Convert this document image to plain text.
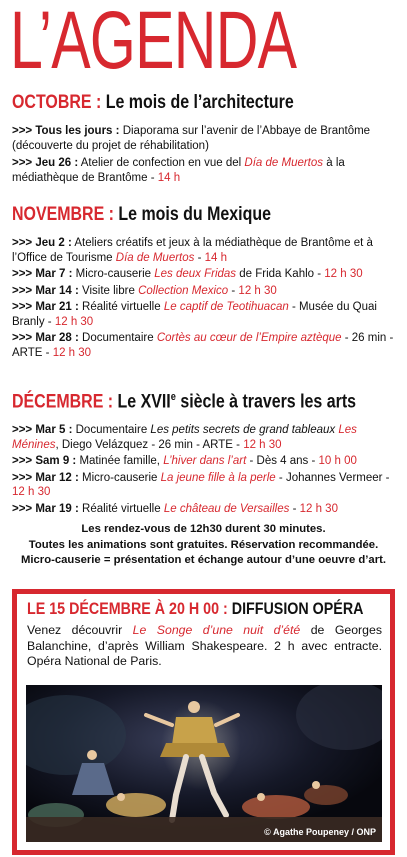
L’AGENDA
OCTOBRE : Le mois de l’architecture
>>> Tous les jours : Diaporama sur l’avenir de l’Abbaye de Brantôme (découverte du projet de réhabilitation)
>>> Jeu 26 : Atelier de confection en vue del Día de Muertos à la médiathèque de Brantôme - 14 h
NOVEMBRE : Le mois du Mexique
>>> Jeu 2 : Ateliers créatifs et jeux à la médiathèque de Brantôme et à l’Office de Tourisme Día de Muertos - 14 h
>>> Mar 7 : Micro-causerie Les deux Fridas de Frida Kahlo - 12 h 30
>>> Mar 14 : Visite libre Collection Mexico - 12 h 30
>>> Mar 21 : Réalité virtuelle Le captif de Teotihuacan - Musée du Quai Branly - 12 h 30
>>> Mar 28 : Documentaire Cortès au cœur de l’Empire aztèque - 26 min - ARTE - 12 h 30
DÉCEMBRE : Le XVIIe siècle à travers les arts
>>> Mar 5 : Documentaire Les petits secrets de grand tableaux Les Ménines, Diego Velázquez - 26 min - ARTE - 12 h 30
>>> Sam 9 : Matinée famille, L’hiver dans l’art - Dès 4 ans - 10 h 00
>>> Mar 12 : Micro-causerie La jeune fille à la perle - Johannes Vermeer - 12 h 30
>>> Mar 19 : Réalité virtuelle Le château de Versailles - 12 h 30
Les rendez-vous de 12h30 durent 30 minutes.
Toutes les animations sont gratuites. Réservation recommandée.
Micro-causerie = présentation et échange autour d’une oeuvre d’art.
LE 15 DÉCEMBRE À 20 H 00 : DIFFUSION OPÉRA
Venez découvrir Le Songe d’une nuit d’été de Georges Balanchine, d’après William Shakespeare. 2 h avec entracte. Opéra National de Paris.
© Agathe Poupeney / ONP
